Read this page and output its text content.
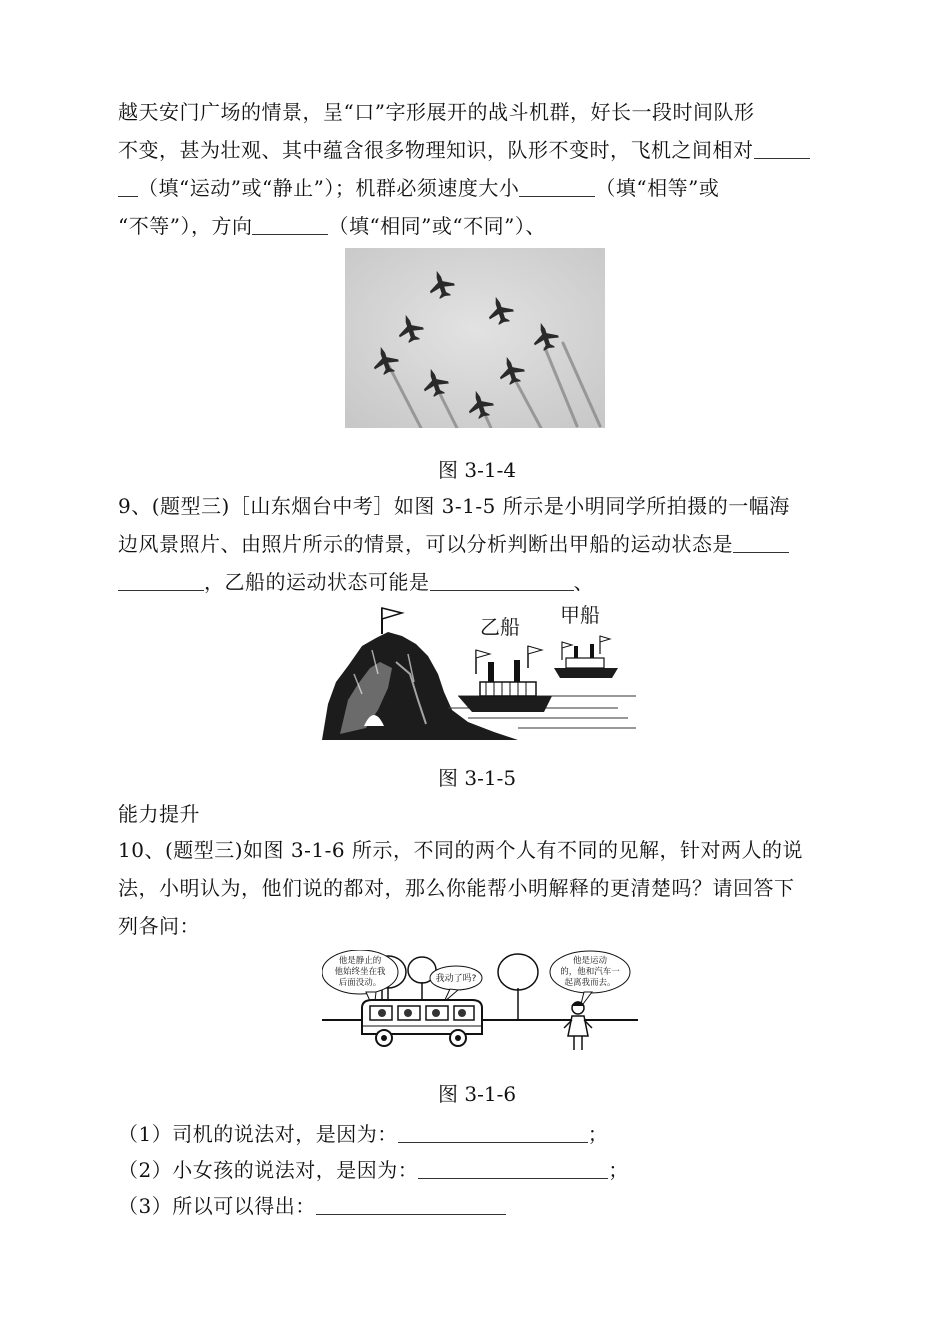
越天安门广场的情景，呈“口”字形展开的战斗机群，好长一段时间队形
不变，甚为壮观、其中蕴含很多物理知识，队形不变时，飞机之间相对
（填“运动”或“静止”）；机群必须速度大小	（填“相等”或
“不等”），方向	（填“相同”或“不同”）、
图 3-1-4
9、(题型三)［山东烟台中考］如图 3-1-5 所示是小明同学所拍摄的一幅海
边风景照片、由照片所示的情景，可以分析判断出甲船的运动状态是
，乙船的运动状态可能是	、
乙船 甲船
图 3-1-5
能力提升
10、(题型三)如图 3-1-6 所示，不同的两个人有不同的见解，针对两人的说
法，小明认为，他们说的都对，那么你能帮小明解释的更清楚吗？请回答下
列各问：
他是静止的
他始终坐在我
后面没动。	我动了吗?
他是运动
的，他和汽车一
起离我而去。
图 3-1-6
（1）司机的说法对，是因为：	；
（2）小女孩的说法对，是因为：	；
（3）所以可以得出：
